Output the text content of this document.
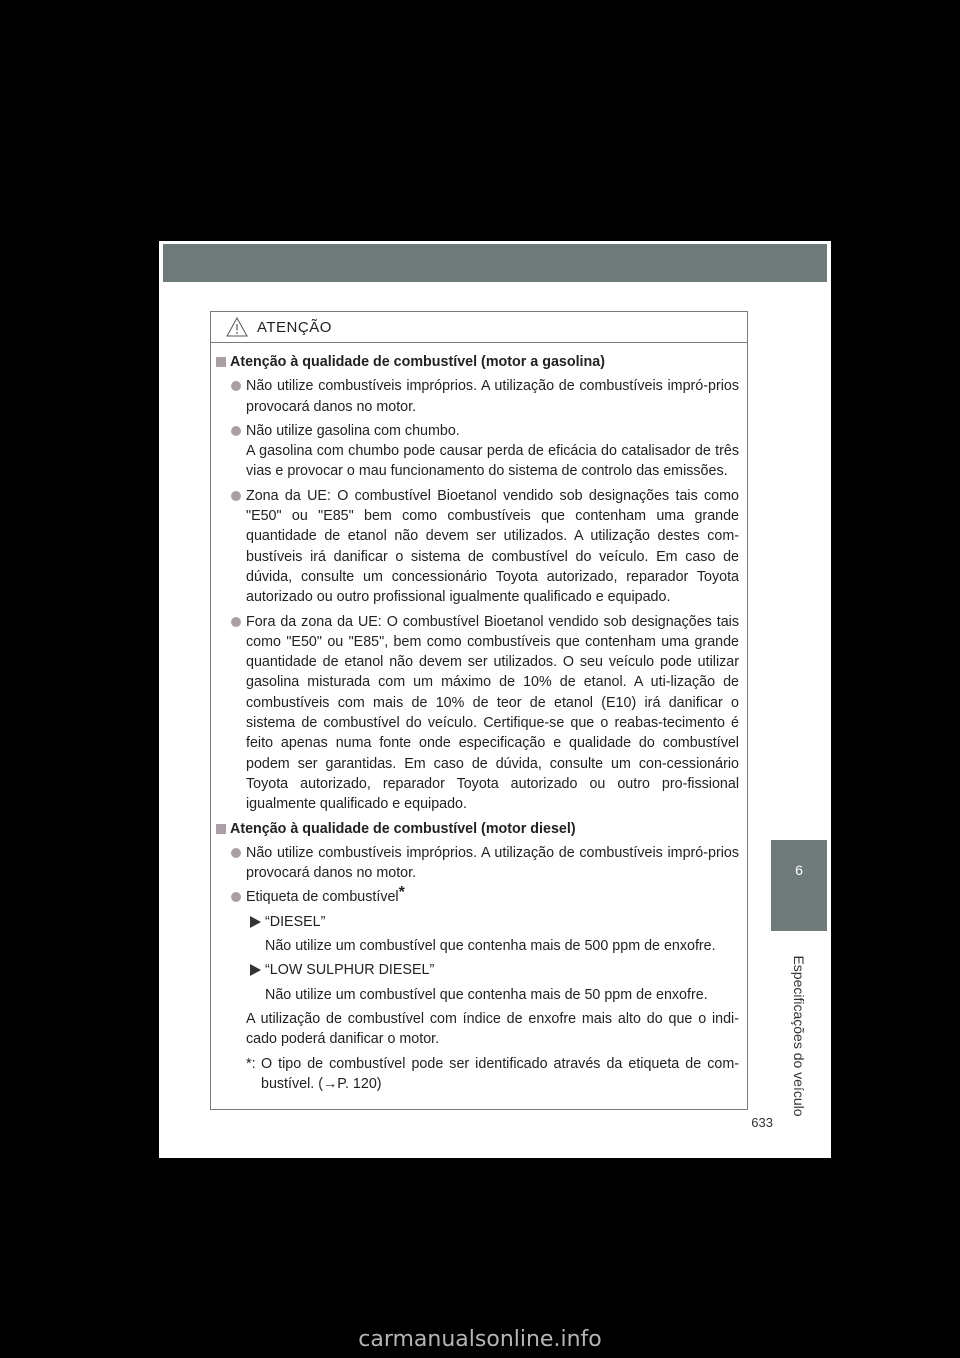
ATENÇÃO
Atenção à qualidade de combustível (motor a gasolina)
Não utilize combustíveis impróprios. A utilização de combustíveis impró-prios provocará danos no motor.
Não utilize gasolina com chumbo.
A gasolina com chumbo pode causar perda de eficácia do catalisador de três vias e provocar o mau funcionamento do sistema de controlo das emissões.
Zona da UE: O combustível Bioetanol vendido sob designações tais como "E50" ou "E85" bem como combustíveis que contenham uma grande quantidade de etanol não devem ser utilizados. A utilização destes com-bustíveis irá danificar o sistema de combustível do veículo. Em caso de dúvida, consulte um concessionário Toyota autorizado, reparador Toyota autorizado ou outro profissional igualmente qualificado e equipado.
Fora da zona da UE: O combustível Bioetanol vendido sob designações tais como "E50" ou "E85", bem como combustíveis que contenham uma grande quantidade de etanol não devem ser utilizados. O seu veículo pode utilizar gasolina misturada com um máximo de 10% de etanol. A uti-lização de combustíveis com mais de 10% de teor de etanol (E10) irá danificar o sistema de combustível do veículo. Certifique-se que o reabas-tecimento é feito apenas numa fonte onde especificação e qualidade do combustível podem ser garantidas. Em caso de dúvida, consulte um con-cessionário Toyota autorizado, reparador Toyota autorizado ou outro pro-fissional igualmente qualificado e equipado.
Atenção à qualidade de combustível (motor diesel)
Não utilize combustíveis impróprios. A utilização de combustíveis impró-prios provocará danos no motor.
Etiqueta de combustível*
“DIESEL”
Não utilize um combustível que contenha mais de 500 ppm de enxofre.
“LOW SULPHUR DIESEL”
Não utilize um combustível que contenha mais de 50 ppm de enxofre.
A utilização de combustível com índice de enxofre mais alto do que o indi-cado poderá danificar o motor.
*: O tipo de combustível pode ser identificado através da etiqueta de com-bustível. (→P. 120)
6
Especificações do veículo
633
carmanualsonline.info
